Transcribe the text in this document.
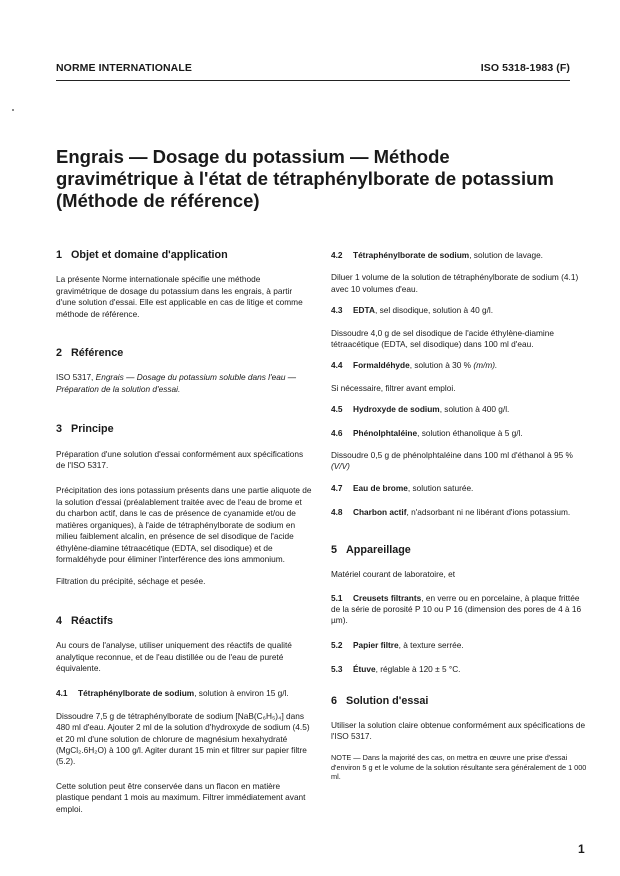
NORME INTERNATIONALE	ISO 5318-1983 (F)
Engrais — Dosage du potassium — Méthode
gravimétrique à l'état de tétraphénylborate de potassium
(Méthode de référence)
1 Objet et domaine d'application

La présente Norme internationale spécifie une méthode gravimétrique de dosage du potassium dans les engrais, à partir d'une solution d'essai. Elle est applicable en cas de litige et comme méthode de référence.

2 Référence

ISO 5317, Engrais — Dosage du potassium soluble dans l'eau — Préparation de la solution d'essai.

3 Principe

Préparation d'une solution d'essai conformément aux spécifications de l'ISO 5317.

Précipitation des ions potassium présents dans une partie aliquote de la solution d'essai (préalablement traitée avec de l'eau de brome et du charbon actif, dans le cas de présence de cyanamide et/ou de matières organiques), à l'aide de tétraphénylborate de sodium en milieu faiblement alcalin, en présence de sel disodique de l'acide éthylène-diamine tétraacétique (EDTA, sel disodique) et de formaldéhyde pour éliminer l'interférence des ions ammonium.

Filtration du précipité, séchage et pesée.

4 Réactifs

Au cours de l'analyse, utiliser uniquement des réactifs de qualité analytique reconnue, et de l'eau distillée ou de l'eau de pureté équivalente.

4.1 Tétraphénylborate de sodium, solution à environ 15 g/l.

Dissoudre 7,5 g de tétraphénylborate de sodium [NaB(C₆H₅)₄] dans 480 ml d'eau. Ajouter 2 ml de la solution d'hydroxyde de sodium (4.5) et 20 ml d'une solution de chlorure de magnésium hexahydraté (MgCl₂.6H₂O) à 100 g/l. Agiter durant 15 min et filtrer sur papier filtre (5.2).

Cette solution peut être conservée dans un flacon en matière plastique pendant 1 mois au maximum. Filtrer immédiatement avant emploi.

4.2 Tétraphénylborate de sodium, solution de lavage.

Diluer 1 volume de la solution de tétraphénylborate de sodium (4.1) avec 10 volumes d'eau.

4.3 EDTA, sel disodique, solution à 40 g/l.

Dissoudre 4,0 g de sel disodique de l'acide éthylène-diamine tétraacétique (EDTA, sel disodique) dans 100 ml d'eau.

4.4 Formaldéhyde, solution à 30 % (m/m).

Si nécessaire, filtrer avant emploi.

4.5 Hydroxyde de sodium, solution à 400 g/l.

4.6 Phénolphtaléine, solution éthanolique à 5 g/l.

Dissoudre 0,5 g de phénolphtaléine dans 100 ml d'éthanol à 95 % (V/V)

4.7 Eau de brome, solution saturée.

4.8 Charbon actif, n'adsorbant ni ne libérant d'ions potassium.

5 Appareillage

Matériel courant de laboratoire, et

5.1 Creusets filtrants, en verre ou en porcelaine, à plaque frittée de la série de porosité P 10 ou P 16 (dimension des pores de 4 à 16 µm).

5.2 Papier filtre, à texture serrée.

5.3 Étuve, réglable à 120 ± 5 °C.

6 Solution d'essai

Utiliser la solution claire obtenue conformément aux spécifications de l'ISO 5317.

NOTE — Dans la majorité des cas, on mettra en œuvre une prise d'essai d'environ 5 g et le volume de la solution résultante sera généralement de 1 000 ml.

1
